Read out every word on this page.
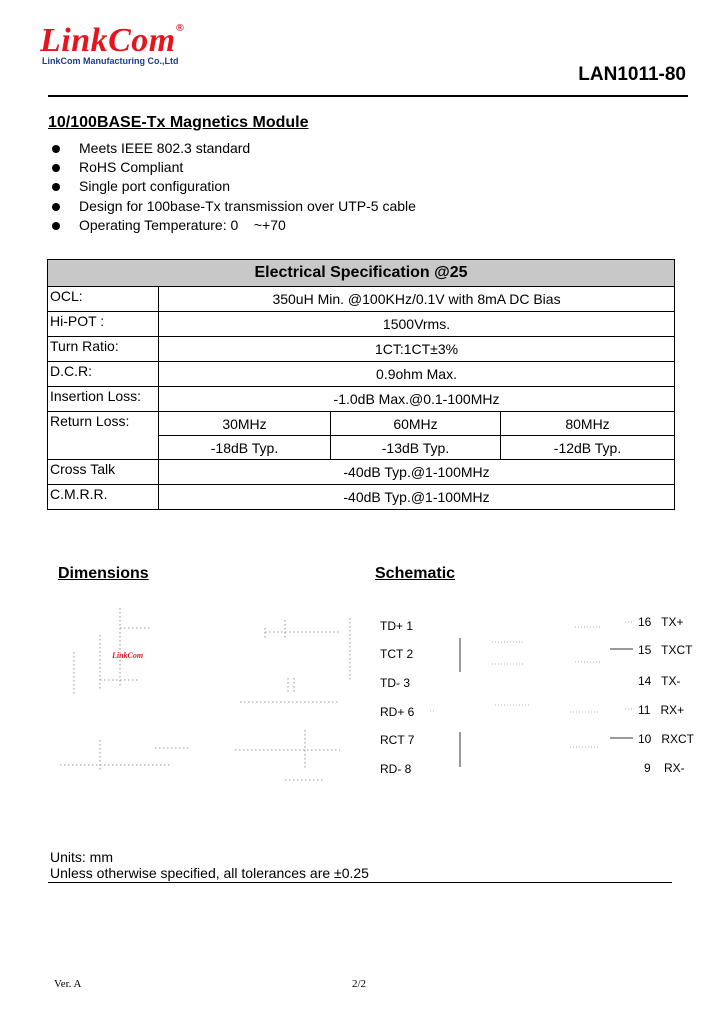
LinkCom®
LinkCom Manufacturing Co.,Ltd
LAN1011-80
10/100BASE-Tx Magnetics Module
Meets IEEE 802.3 standard
RoHS Compliant
Single port configuration
Design for 100base-Tx transmission over UTP-5 cable
Operating Temperature: 0    ~+70
Electrical Specification @25			
OCL:	350uH Min. @100KHz/0.1V with 8mA DC Bias		
Hi-POT :	1500Vrms.		
Turn Ratio:	1CT:1CT±3%		
D.C.R:	0.9ohm Max.		
Insertion Loss:	-1.0dB Max.@0.1-100MHz		
Return Loss:	30MHz	60MHz	80MHz
	-18dB Typ.	-13dB Typ.	-12dB Typ.
Cross Talk	-40dB Typ.@1-100MHz		
C.M.R.R.	-40dB Typ.@1-100MHz		
Dimensions	Schematic
LinkCom
TD+ 1
TCT 2
TD- 3
RD+ 6
RCT 7
RD- 8
16   TX+
15   TXCT
14   TX-
11   RX+
10   RXCT
9    RX-
Units: mm
Unless otherwise specified, all tolerances are ±0.25
Ver. A	2/2
